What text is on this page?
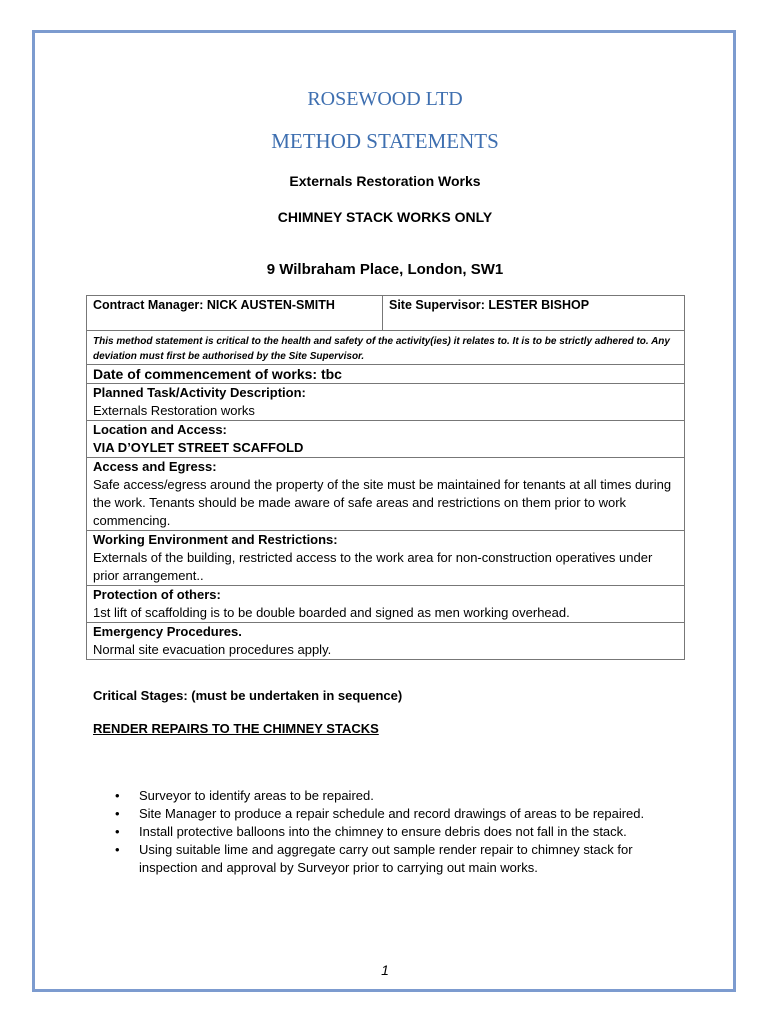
ROSEWOOD LTD
METHOD STATEMENTS
Externals Restoration Works
CHIMNEY STACK WORKS ONLY
9 Wilbraham Place, London, SW1
Contract Manager: NICK AUSTEN-SMITH	Site Supervisor: LESTER BISHOP
This method statement is critical to the health and safety of the activity(ies) it relates to. It is to be strictly adhered to. Any deviation must first be authorised by the Site Supervisor.
Date of commencement of works: tbc

Planned Task/Activity Description:
Externals Restoration works

Location and Access:
VIA D’OYLET STREET SCAFFOLD

Access and Egress:
Safe access/egress around the property of the site must be maintained for tenants at all times during the work. Tenants should be made aware of safe areas and restrictions on them prior to work commencing.

Working Environment and Restrictions:
Externals of the building, restricted access to the work area for non-construction operatives under prior arrangement..

Protection of others:
1st lift of scaffolding is to be double boarded and signed as men working overhead.

Emergency Procedures.
Normal site evacuation procedures apply.
Critical Stages: (must be undertaken in sequence)
RENDER REPAIRS TO THE CHIMNEY STACKS
• Surveyor to identify areas to be repaired.
• Site Manager to produce a repair schedule and record drawings of areas to be repaired.
• Install protective balloons into the chimney to ensure debris does not fall in the stack.
• Using suitable lime and aggregate carry out sample render repair to chimney stack for inspection and approval by Surveyor prior to carrying out main works.
1
